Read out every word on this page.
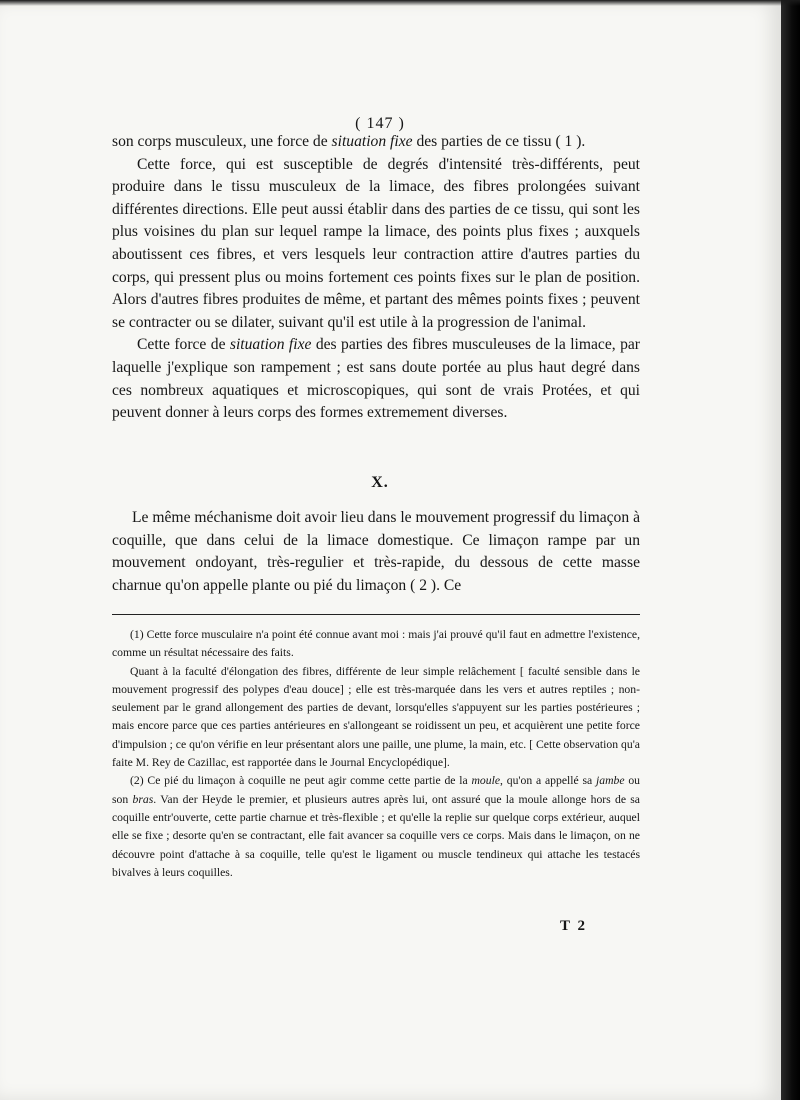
( 147 )

son corps musculeux, une force de situation fixe des parties de ce tissu ( 1 ).

Cette force, qui est susceptible de degrés d'intensité très-différents, peut produire dans le tissu musculeux de la limace, des fibres prolongées suivant différentes directions. Elle peut aussi établir dans des parties de ce tissu, qui sont les plus voisines du plan sur lequel rampe la limace, des points plus fixes ; auxquels aboutissent ces fibres, et vers lesquels leur contraction attire d'autres parties du corps, qui pressent plus ou moins fortement ces points fixes sur le plan de position. Alors d'autres fibres produites de même, et partant des mêmes points fixes ; peuvent se contracter ou se dilater, suivant qu'il est utile à la progression de l'animal.

Cette force de situation fixe des parties des fibres musculeuses de la limace, par laquelle j'explique son rampement ; est sans doute portée au plus haut degré dans ces nombreux aquatiques et microscopiques, qui sont de vrais Protées, et qui peuvent donner à leurs corps des formes extremement diverses.

X.

Le même méchanisme doit avoir lieu dans le mouvement progressif du limaçon à coquille, que dans celui de la limace domestique. Ce limaçon rampe par un mouvement ondoyant, très-regulier et très-rapide, du dessous de cette masse charnue qu'on appelle plante ou pié du limaçon ( 2 ). Ce

(1) Cette force musculaire n'a point été connue avant moi : mais j'ai prouvé qu'il faut en admettre l'existence, comme un résultat nécessaire des faits.

Quant à la faculté d'élongation des fibres, différente de leur simple relâchement [ faculté sensible dans le mouvement progressif des polypes d'eau douce] ; elle est très-marquée dans les vers et autres reptiles ; non-seulement par le grand allongement des parties de devant, lorsqu'elles s'appuyent sur les parties postérieures ; mais encore parce que ces parties antérieures en s'allongeant se roidissent un peu, et acquièrent une petite force d'impulsion ; ce qu'on vérifie en leur présentant alors une paille, une plume, la main, etc. [ Cette observation qu'a faite M. Rey de Cazillac, est rapportée dans le Journal Encyclopédique].

(2) Ce pié du limaçon à coquille ne peut agir comme cette partie de la moule, qu'on a appellé sa jambe ou son bras. Van der Heyde le premier, et plusieurs autres après lui, ont assuré que la moule allonge hors de sa coquille entr'ouverte, cette partie charnue et très-flexible ; et qu'elle la replie sur quelque corps extérieur, auquel elle se fixe ; desorte qu'en se contractant, elle fait avancer sa coquille vers ce corps. Mais dans le limaçon, on ne découvre point d'attache à sa coquille, telle qu'est le ligament ou muscle tendineux qui attache les testacés bivalves à leurs coquilles.

T 2
